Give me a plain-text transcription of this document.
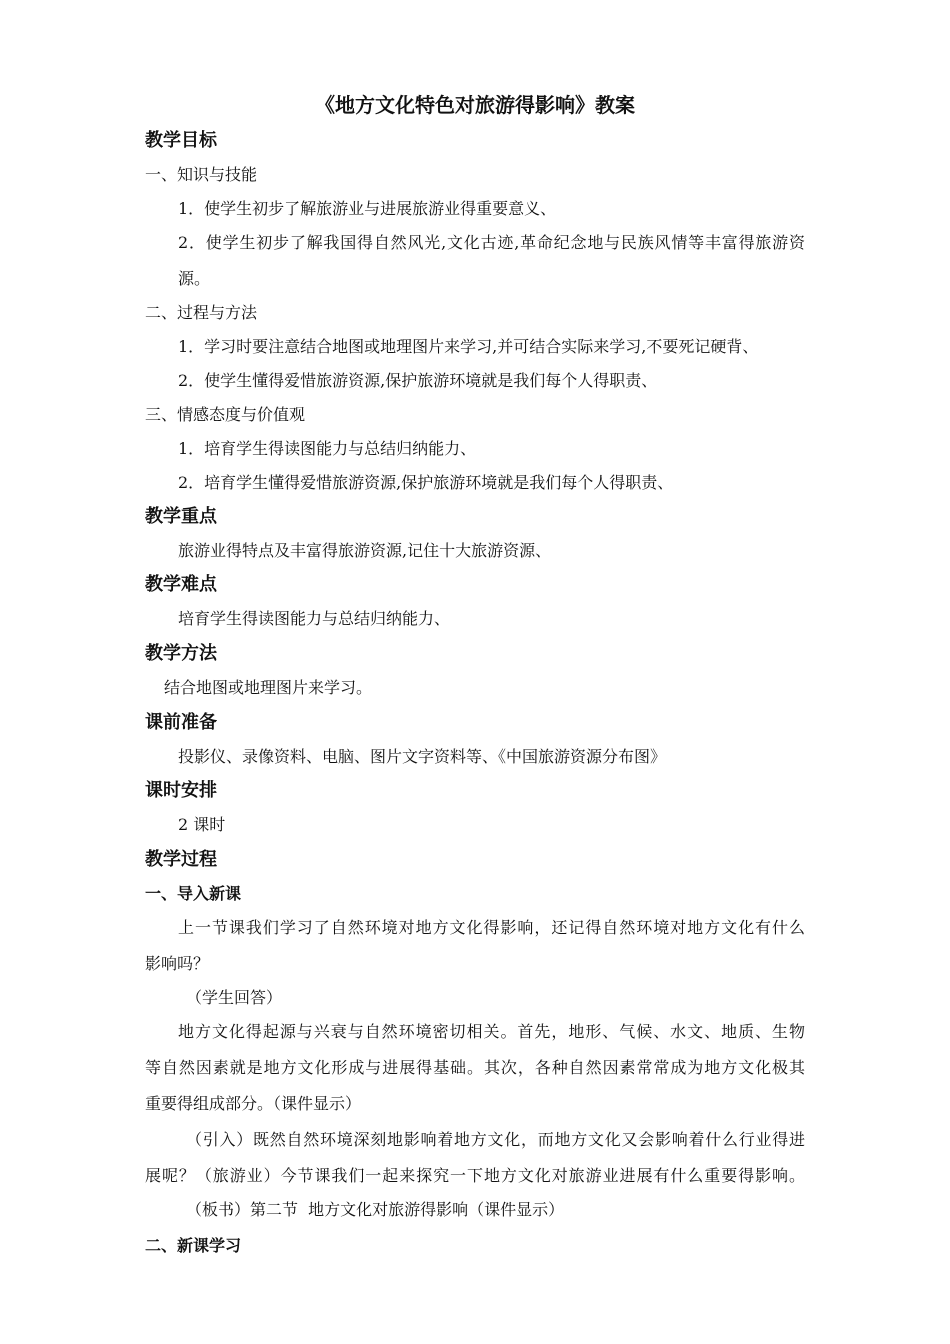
《地方文化特色对旅游得影响》教案
教学目标
一、知识与技能
1．使学生初步了解旅游业与进展旅游业得重要意义、
2．使学生初步了解我国得自然风光,文化古迹,革命纪念地与民族风情等丰富得旅游资
源。
二、过程与方法
1．学习时要注意结合地图或地理图片来学习,并可结合实际来学习,不要死记硬背、
2．使学生懂得爱惜旅游资源,保护旅游环境就是我们每个人得职责、
三、情感态度与价值观
1．培育学生得读图能力与总结归纳能力、
2．培育学生懂得爱惜旅游资源,保护旅游环境就是我们每个人得职责、
教学重点
旅游业得特点及丰富得旅游资源,记住十大旅游资源、
教学难点
培育学生得读图能力与总结归纳能力、
教学方法
结合地图或地理图片来学习。
课前准备
投影仪、录像资料、电脑、图片文字资料等、《中国旅游资源分布图》
课时安排
2 课时
教学过程
一、导入新课
上一节课我们学习了自然环境对地方文化得影响，还记得自然环境对地方文化有什么
影响吗？
（学生回答）
地方文化得起源与兴衰与自然环境密切相关。首先，地形、气候、水文、地质、生物
等自然因素就是地方文化形成与进展得基础。其次，各种自然因素常常成为地方文化极其
重要得组成部分。（课件显示）
（引入）既然自然环境深刻地影响着地方文化，而地方文化又会影响着什么行业得进
展呢？（旅游业）今节课我们一起来探究一下地方文化对旅游业进展有什么重要得影响。
（板书）第二节  地方文化对旅游得影响（课件显示）
二、新课学习
